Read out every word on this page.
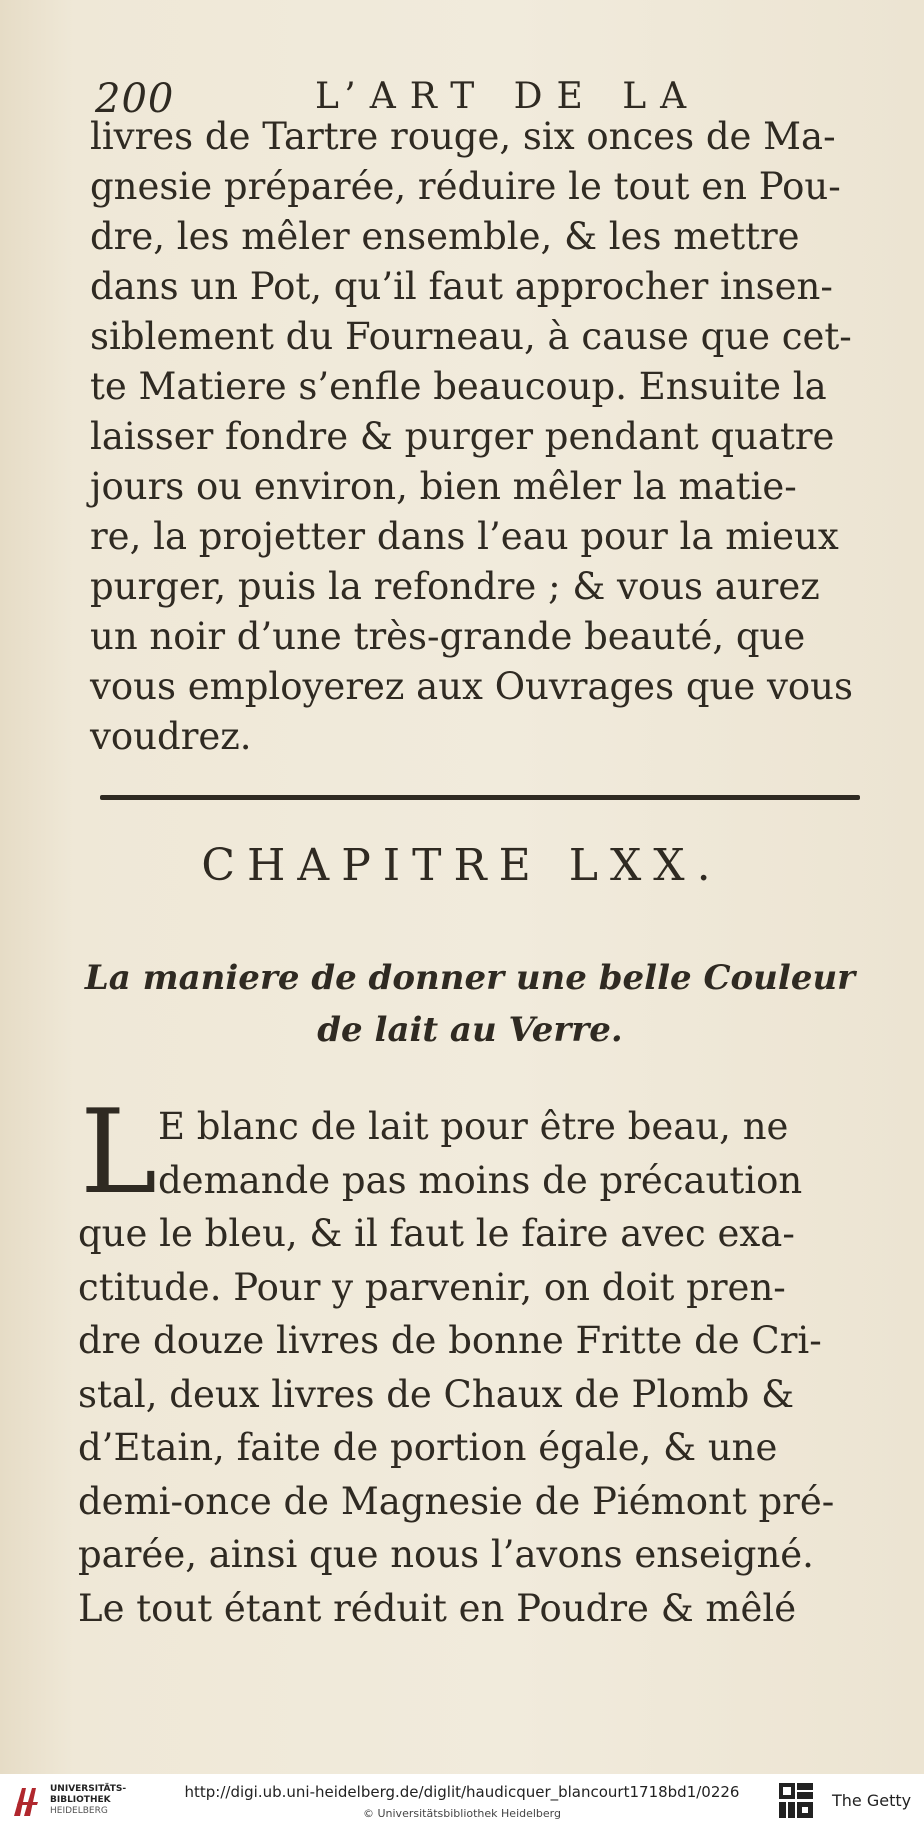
200	L’ART DE LA
livres de Tartre rouge, six onces de Ma-
gnesie préparée, réduire le tout en Pou-
dre, les mêler ensemble, & les mettre
dans un Pot, qu’il faut approcher insen-
siblement du Fourneau, à cause que cet-
te Matiere s’enfle beaucoup. Ensuite la
laisser fondre & purger pendant quatre
jours ou environ, bien mêler la matie-
re, la projetter dans l’eau pour la mieux
purger, puis la refondre ; & vous aurez
un noir d’une très-grande beauté, que
vous employerez aux Ouvrages que vous
voudrez.
CHAPITRE LXX.
La maniere de donner une belle Couleur
de lait au Verre.
L E blanc de lait pour être beau, ne
demande pas moins de précaution
que le bleu, & il faut le faire avec exa-
ctitude. Pour y parvenir, on doit pren-
dre douze livres de bonne Fritte de Cri-
stal, deux livres de Chaux de Plomb &
d’Etain, faite de portion égale, & une
demi-once de Magnesie de Piémont pré-
parée, ainsi que nous l’avons enseigné.
Le tout étant réduit en Poudre & mêlé
UNIVERSITÄTS-
BIBLIOTHEK
HEIDELBERG
http://digi.ub.uni-heidelberg.de/diglit/haudicquer_blancourt1718bd1/0226
© Universitätsbibliothek Heidelberg
The Getty
